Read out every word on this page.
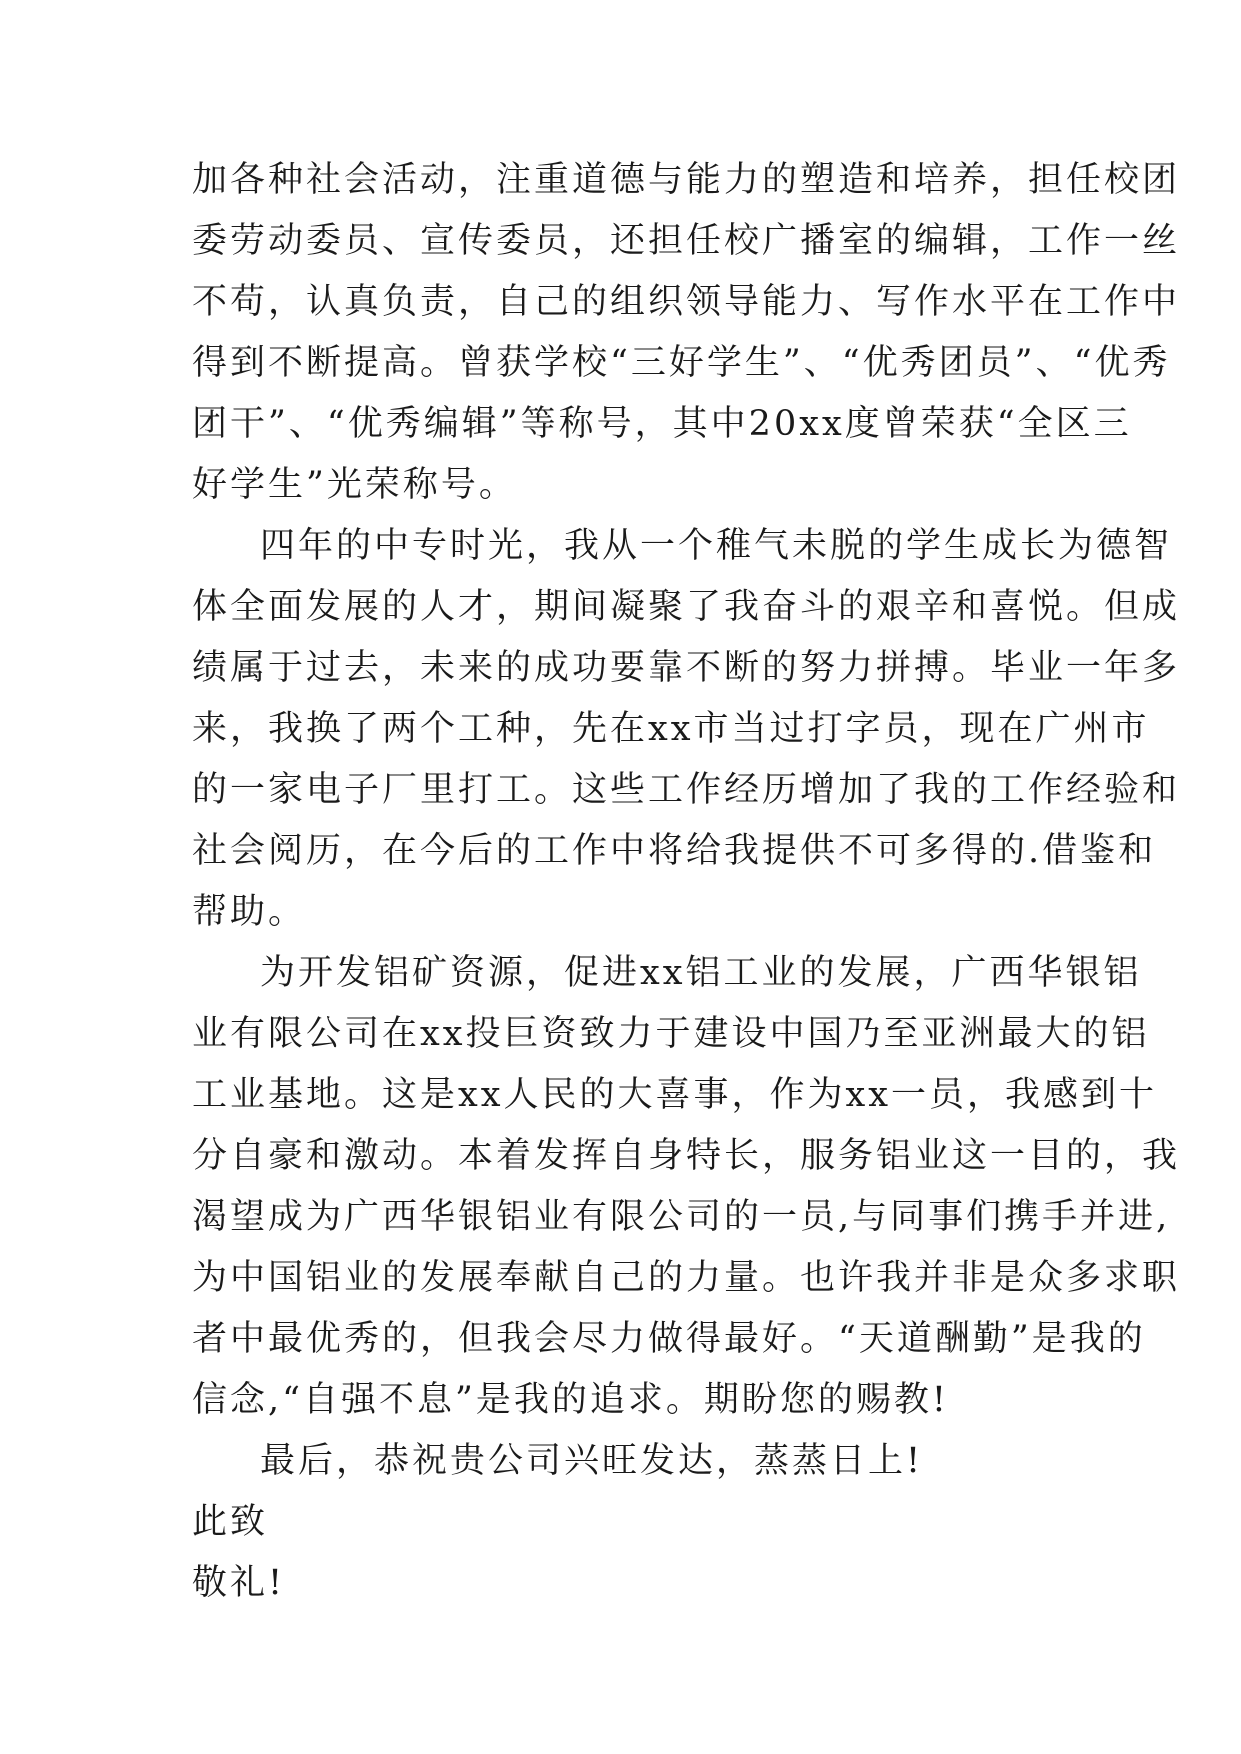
加各种社会活动，注重道德与能力的塑造和培养，担任校团
委劳动委员、宣传委员，还担任校广播室的编辑，工作一丝
不苟，认真负责，自己的组织领导能力、写作水平在工作中
得到不断提高。曾获学校“三好学生”、“优秀团员”、“优秀
团干”、“优秀编辑”等称号，其中20xx度曾荣获“全区三
好学生”光荣称号。
四年的中专时光，我从一个稚气未脱的学生成长为德智
体全面发展的人才，期间凝聚了我奋斗的艰辛和喜悦。但成
绩属于过去，未来的成功要靠不断的努力拼搏。毕业一年多
来，我换了两个工种，先在xx市当过打字员，现在广州市
的一家电子厂里打工。这些工作经历增加了我的工作经验和
社会阅历，在今后的工作中将给我提供不可多得的.借鉴和
帮助。
为开发铝矿资源，促进xx铝工业的发展，广西华银铝
业有限公司在xx投巨资致力于建设中国乃至亚洲最大的铝
工业基地。这是xx人民的大喜事，作为xx一员，我感到十
分自豪和激动。本着发挥自身特长，服务铝业这一目的，我
渴望成为广西华银铝业有限公司的一员,与同事们携手并进,
为中国铝业的发展奉献自己的力量。也许我并非是众多求职
者中最优秀的，但我会尽力做得最好。“天道酬勤”是我的
信念,“自强不息”是我的追求。期盼您的赐教!
最后，恭祝贵公司兴旺发达，蒸蒸日上!
此致
敬礼!
